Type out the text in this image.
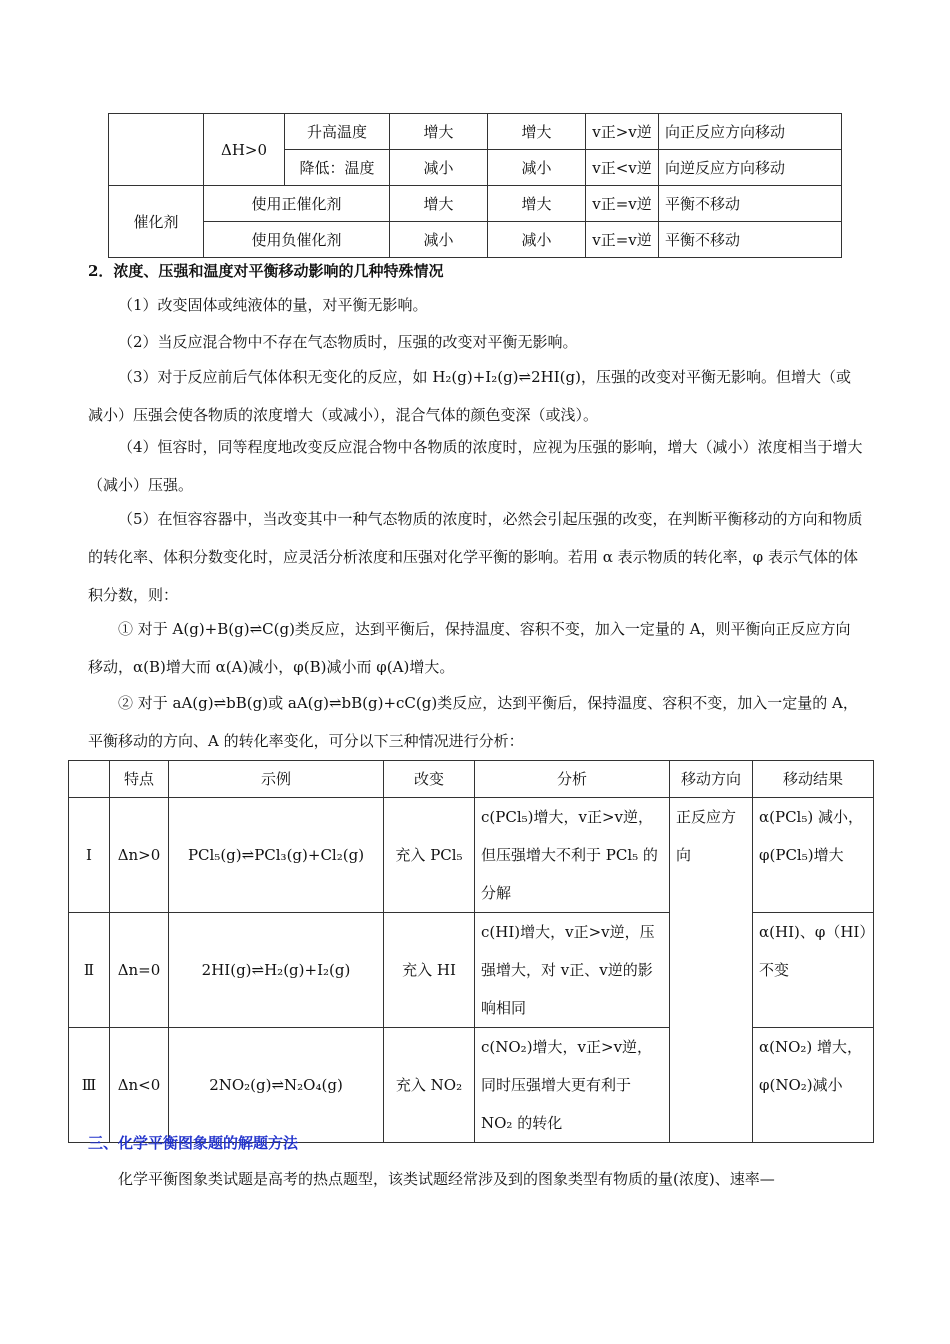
	ΔH>0	升高温度	增大	增大	v正>v逆	向正反应方向移动
		降低：温度	减小	减小	v正<v逆	向逆反应方向移动
催化剂	使用正催化剂		增大	增大	v正=v逆	平衡不移动
	使用负催化剂		减小	减小	v正=v逆	平衡不移动
2．浓度、压强和温度对平衡移动影响的几种特殊情况
（1）改变固体或纯液体的量，对平衡无影响。
（2）当反应混合物中不存在气态物质时，压强的改变对平衡无影响。
（3）对于反应前后气体体积无变化的反应，如 H₂(g)+I₂(g)⇌2HI(g)，压强的改变对平衡无影响。但增大（或减小）压强会使各物质的浓度增大（或减小），混合气体的颜色变深（或浅）。
（4）恒容时，同等程度地改变反应混合物中各物质的浓度时，应视为压强的影响，增大（减小）浓度相当于增大（减小）压强。
（5）在恒容容器中，当改变其中一种气态物质的浓度时，必然会引起压强的改变，在判断平衡移动的方向和物质的转化率、体积分数变化时，应灵活分析浓度和压强对化学平衡的影响。若用 α 表示物质的转化率，φ 表示气体的体积分数，则：
① 对于 A(g)+B(g)⇌C(g)类反应，达到平衡后，保持温度、容积不变，加入一定量的 A，则平衡向正反应方向移动，α(B)增大而 α(A)减小，φ(B)减小而 φ(A)增大。
② 对于 aA(g)⇌bB(g)或 aA(g)⇌bB(g)+cC(g)类反应，达到平衡后，保持温度、容积不变，加入一定量的 A，平衡移动的方向、A 的转化率变化，可分以下三种情况进行分析：
	特点	示例	改变	分析	移动方向	移动结果
Ⅰ	Δn>0	PCl₅(g)⇌PCl₃(g)+Cl₂(g)	充入 PCl₅	c(PCl₅)增大，v正>v逆，但压强增大不利于 PCl₅ 的分解	正反应方向	α(PCl₅) 减小，φ(PCl₅)增大
Ⅱ	Δn=0	2HI(g)⇌H₂(g)+I₂(g)	充入 HI	c(HI)增大，v正>v逆，压强增大，对 v正、v逆的影响相同		α(HI)、φ（HI）不变
Ⅲ	Δn<0	2NO₂(g)⇌N₂O₄(g)	充入 NO₂	c(NO₂)增大，v正>v逆，同时压强增大更有利于 NO₂ 的转化		α(NO₂) 增大，φ(NO₂)减小
三、化学平衡图象题的解题方法
化学平衡图象类试题是高考的热点题型，该类试题经常涉及到的图象类型有物质的量(浓度)、速率—
